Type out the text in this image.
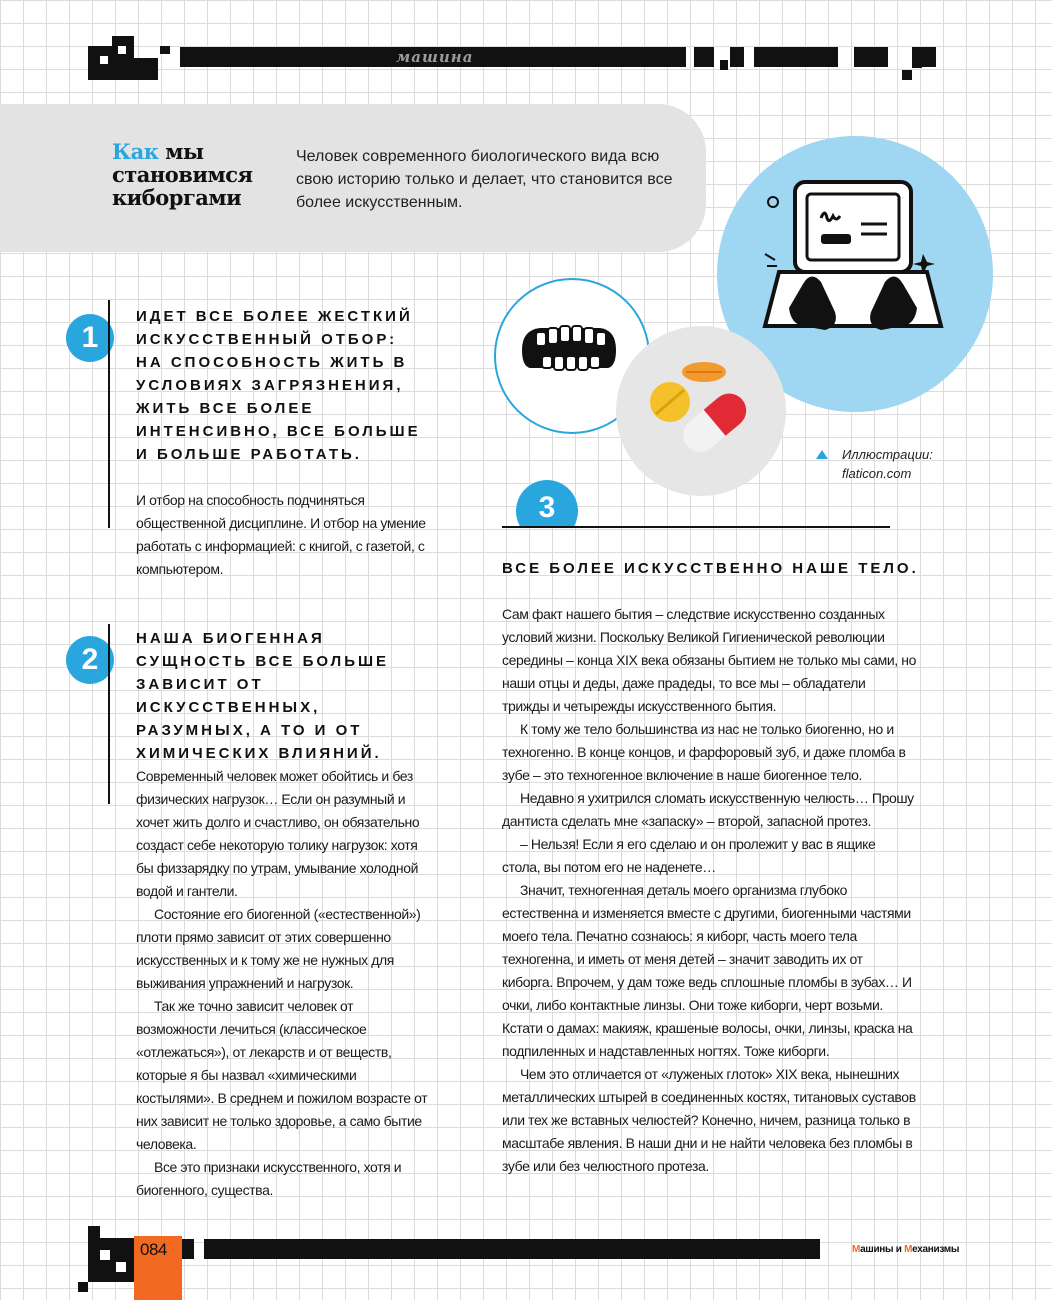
машина
Как мы становимся киборгами
Человек современного биологического вида всю свою историю только и делает, что становится все более искусственным.
Иллюстрации:
flaticon.com
1
ИДЕТ ВСЕ БОЛЕЕ ЖЕСТКИЙ ИСКУССТВЕННЫЙ ОТБОР: НА СПОСОБНОСТЬ ЖИТЬ В УСЛОВИЯХ ЗАГРЯЗНЕНИЯ, ЖИТЬ ВСЕ БОЛЕЕ ИНТЕНСИВНО, ВСЕ БОЛЬШЕ И БОЛЬШЕ РАБОТАТЬ.

И отбор на способность подчиняться общественной дисциплине. И отбор на умение работать с информацией: с книгой, с газетой, с компьютером.

2
НАША БИОГЕННАЯ СУЩНОСТЬ ВСЕ БОЛЬШЕ ЗАВИСИТ ОТ ИСКУССТВЕННЫХ, РАЗУМНЫХ, А ТО И ОТ ХИМИЧЕСКИХ ВЛИЯНИЙ.

Современный человек может обойтись и без физических нагрузок… Если он разумный и хочет жить долго и счастливо, он обязательно создаст себе некоторую толику нагрузок: хотя бы физзарядку по утрам, умывание холодной водой и гантели.

Состояние его биогенной («естественной») плоти прямо зависит от этих совершенно искусственных и к тому же не нужных для выживания упражнений и нагрузок.

Так же точно зависит человек от возможности лечиться (классическое «отлежаться»), от лекарств и от веществ, которые я бы назвал «химическими костылями». В среднем и пожилом возрасте от них зависит не только здоровье, а само бытие человека.

Все это признаки искусственного, хотя и биогенного, существа.

3
ВСЕ БОЛЕЕ ИСКУССТВЕННО НАШЕ ТЕЛО.

Сам факт нашего бытия – следствие искусственно созданных условий жизни. Поскольку Великой Гигиенической революции середины – конца XIX века обязаны бытием не только мы сами, но наши отцы и деды, даже прадеды, то все мы – обладатели трижды и четырежды искусственного бытия.

К тому же тело большинства из нас не только биогенно, но и техногенно. В конце концов, и фарфоровый зуб, и даже пломба в зубе – это техногенное включение в наше биогенное тело.

Недавно я ухитрился сломать искусственную челюсть… Прошу дантиста сделать мне «запаску» – второй, запасной протез.

– Нельзя! Если я его сделаю и он пролежит у вас в ящике стола, вы потом его не наденете…

Значит, техногенная деталь моего организма глубоко естественна и изменяется вместе с другими, биогенными частями моего тела. Печатно сознаюсь: я киборг, часть моего тела техногенна, и иметь от меня детей – значит заводить их от киборга. Впрочем, у дам тоже ведь сплошные пломбы в зубах… И очки, либо контактные линзы. Они тоже киборги, черт возьми. Кстати о дамах: макияж, крашеные волосы, очки, линзы, краска на подпиленных и надставленных ногтях. Тоже киборги.

Чем это отличается от «луженых глоток» XIX века, нынешних металлических штырей в соединенных костях, титановых суставов или тех же вставных челюстей? Конечно, ничем, разница только в масштабе явления. В наши дни и не найти человека без пломбы в зубе или без челюстного протеза.

084	Машины и Механизмы
